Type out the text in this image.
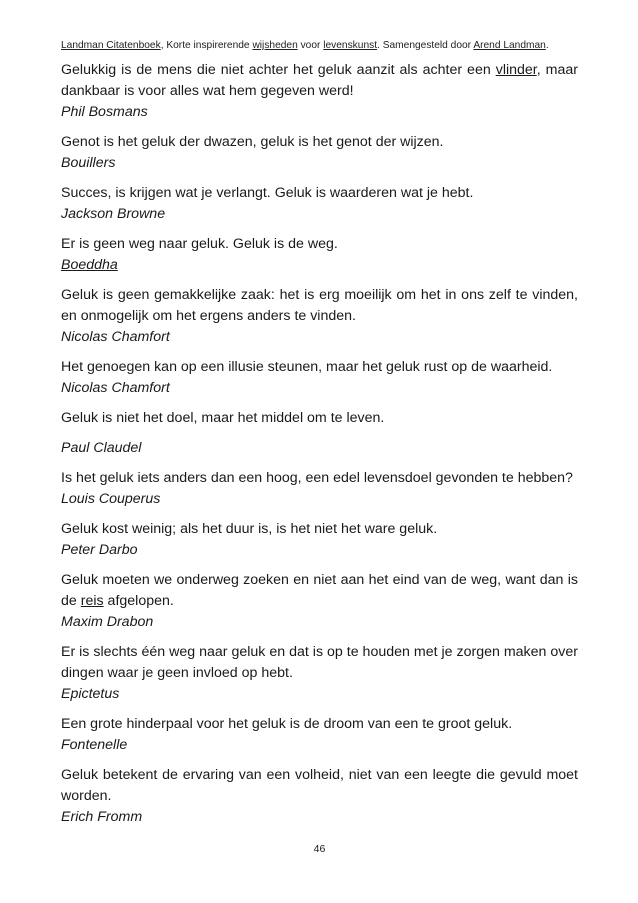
Landman Citatenboek, Korte inspirerende wijsheden voor levenskunst. Samengesteld door Arend Landman.

Gelukkig is de mens die niet achter het geluk aanzit als achter een vlinder, maar dankbaar is voor alles wat hem gegeven werd!

Phil Bosmans

Genot is het geluk der dwazen, geluk is het genot der wijzen.

Bouillers

Succes, is krijgen wat je verlangt. Geluk is waarderen wat je hebt.

Jackson Browne

Er is geen weg naar geluk. Geluk is de weg.

Boeddha

Geluk is geen gemakkelijke zaak: het is erg moeilijk om het in ons zelf te vinden, en onmogelijk om het ergens anders te vinden.

Nicolas Chamfort

Het genoegen kan op een illusie steunen, maar het geluk rust op de waarheid.

Nicolas Chamfort

Geluk is niet het doel, maar het middel om te leven.

Paul Claudel

Is het geluk iets anders dan een hoog, een edel levensdoel gevonden te hebben?

Louis Couperus

Geluk kost weinig; als het duur is, is het niet het ware geluk.

Peter Darbo

Geluk moeten we onderweg zoeken en niet aan het eind van de weg, want dan is de reis afgelopen.

Maxim Drabon

Er is slechts één weg naar geluk en dat is op te houden met je zorgen maken over dingen waar je geen invloed op hebt.

Epictetus

Een grote hinderpaal voor het geluk is de droom van een te groot geluk.

Fontenelle

Geluk betekent de ervaring van een volheid, niet van een leegte die gevuld moet worden.

Erich Fromm

46
